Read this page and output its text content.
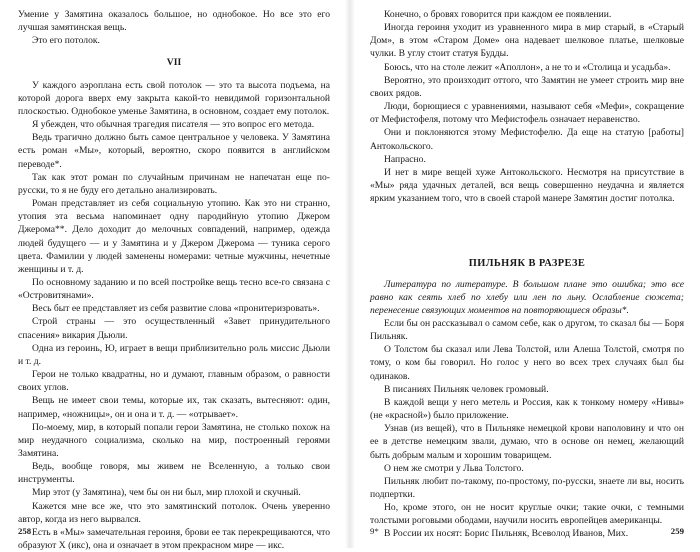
Умение у Замятина оказалось большое, но однобокое. Но все это его лучшая замятинская вещь.

Это его потолок.

VII

У каждого аэроплана есть свой потолок — это та высота подъема, на которой дорога вверх ему закрыта какой-то невидимой горизонтальной плоскостью. Однобокое уменье Замятина, в основном, создает ему потолок.

Я убежден, что обычная трагедия писателя — это вопрос его метода.

Ведь трагично должно быть самое центральное у человека. У Замятина есть роман «Мы», который, вероятно, скоро появится в английском переводе*.

Так как этот роман по случайным причинам не напечатан еще по-русски, то я не буду его детально анализировать.

Роман представляет из себя социальную утопию. Как это ни странно, утопия эта весьма напоминает одну пародийную утопию Джером Джерома**. Дело доходит до мелочных совпадений, например, одежда людей будущего — и у Замятина и у Джером Джерома — туника серого цвета. Фамилии у людей заменены номерами: четные мужчины, нечетные женщины и т. д.

По основному заданию и по всей постройке вещь тесно все-го связана с «Островитянами».

Весь быт ее представляет из себя развитие слова «пронитеризровать».

Строй страны — это осуществленный «Завет принудительного спасения» викария Дьюли.

Одна из героинь, Ю, играет в вещи приблизительно роль миссис Дьюли и т. д.

Герои не только квадратны, но и думают, главным образом, о равности своих углов.

Вещь не имеет свои темы, которые их, так сказать, вытесняют: один, например, «ножницы», он и она и т. д. — «отрывает».

По-моему, мир, в который попали герои Замятина, не столько похож на мир неудачного социализма, сколько на мир, построенный героями Замятина.

Ведь, вообще говоря, мы живем не Вселенную, а только свои инструменты.

Мир этот (у Замятина), чем бы он ни был, мир плохой и скучный.

Кажется мне все же, что это замятинский потолок. Очень уверенно автор, когда из него вырвался.

Есть в «Мы» замечательная героиня, брови ее так перекрещиваются, что образуют Х (икс), она и означает в этом прекрасном мире — икс.

258

Конечно, о бровях говорится при каждом ее появлении.

Иногда героиня уходит из уравненного мира в мир старый, в «Старый Дом», в этом «Старом Доме» она надевает шелковое платье, шелковые чулки. В углу стоит статуя Будды.

Боюсь, что на столе лежит «Аполлон», а не то и «Столица и усадьба».

Вероятно, это произходит оттого, что Замятин не умеет строить мир вне своих рядов.

Люди, борющиеся с уравнениями, называют себя «Мефи», сокращение от Мефистофеля, потому что Мефистофель означает неравенство.

Они и поклоняются этому Мефистофелю. Да еще на статую [работы] Антокольского.

Напрасно.

И нет в мире вещей хуже Антокольского. Несмотря на присутствие в «Мы» ряда удачных деталей, вся вещь совершенно неудачна и является ярким указанием того, что в своей старой манере Замятин достиг потолка.

ПИЛЬНЯК В РАЗРЕЗЕ

Литература по литературе. В большом плане это ошибка; это все равно как сеять хлеб по хлебу или лен по льну. Ослабление сюжета; перенесение связующих моментов на повторяющиеся образы*.

Если бы он рассказывал о самом себе, как о другом, то сказал бы — Боря Пильняк.

О Толстом бы сказал или Лева Толстой, или Алеша Толстой, смотря по тому, о ком бы говорил. Но голос у него во всех трех случаях был бы одинаков.

В писаниях Пильняк человек громовый.

В каждой вещи у него метель и Россия, как к тонкому номеру «Нивы» (не «красной») было приложение.

Узнав (из вещей), что в Пильняке немецкой крови наполовину и что он ее в детстве немецким звали, думаю, что в основе он немец, желающий быть добрым малым и хорошим товарищем.

О нем же смотри у Льва Толстого.

Пильняк любит по-такому, по-простому, по-русски, знаете ли вы, носить подпертки.

Но, кроме этого, он не носит круглые очки; такие очки, с темными толстыми роговыми ободами, научили носить европейцев американцы.

В России их носят: Борис Пильняк, Всеволод Иванов, Мих.

9*	259
